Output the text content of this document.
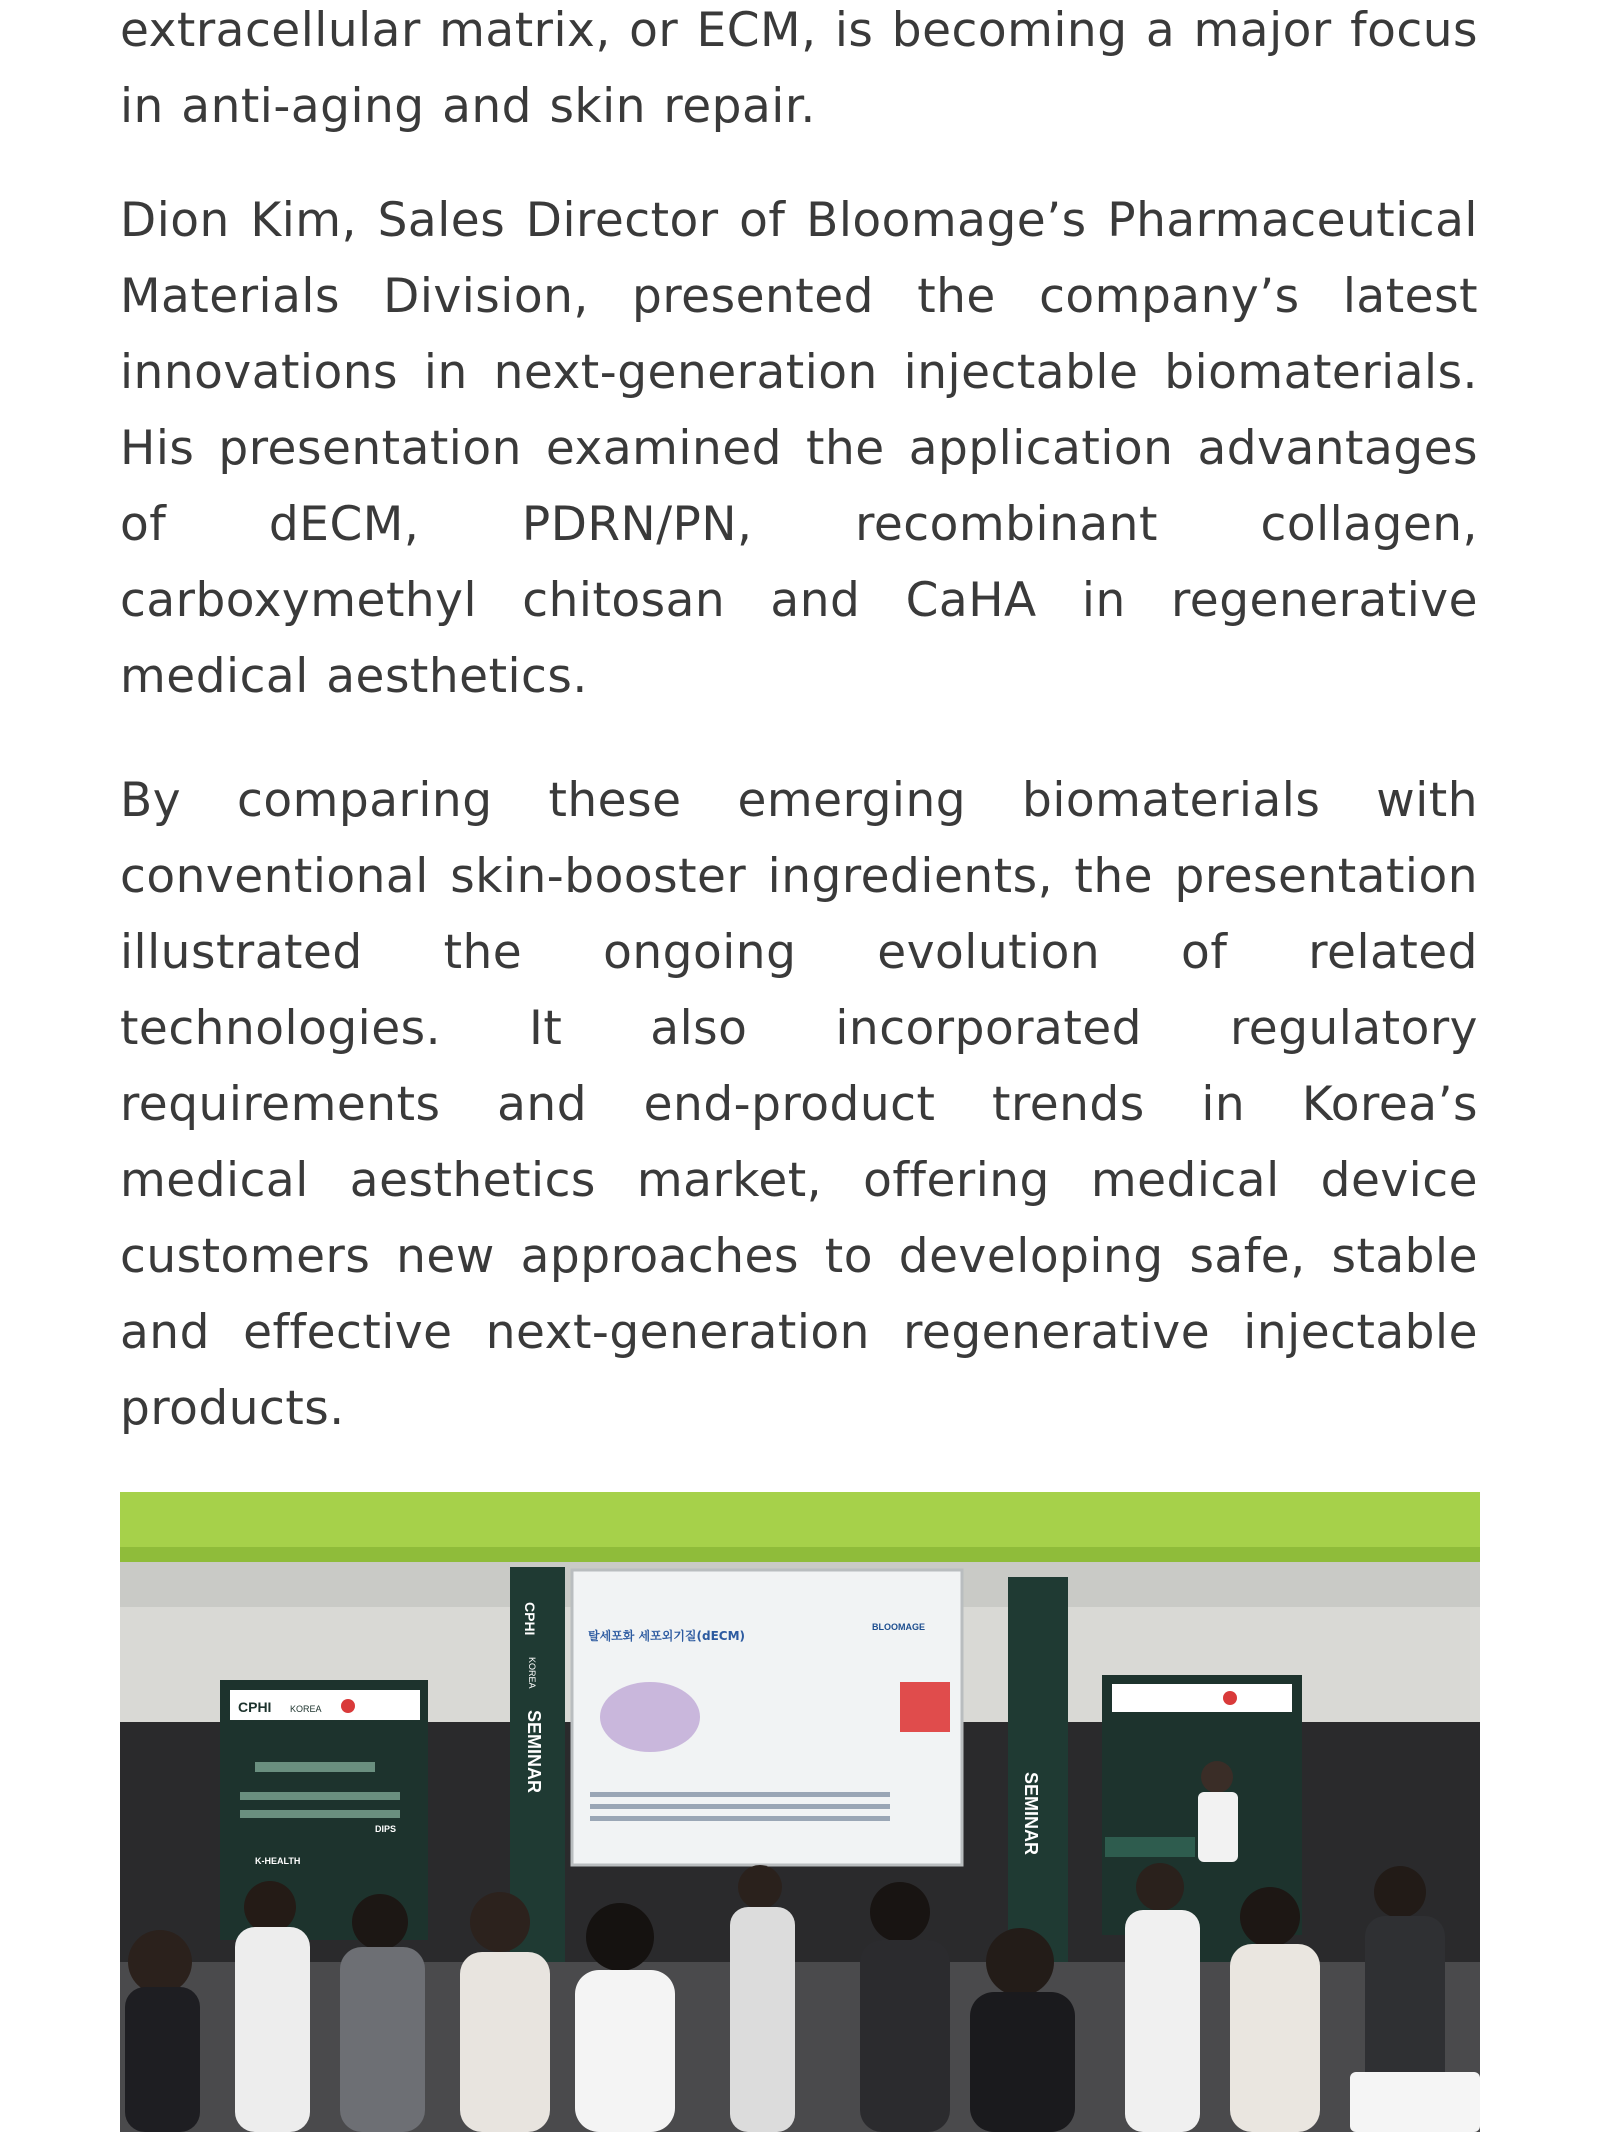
extracellular matrix, or ECM, is becoming a major focus in anti-aging and skin repair.

Dion Kim, Sales Director of Bloomage’s Pharmaceutical Materials Division, presented the company’s latest innovations in next-generation injectable biomaterials. His presentation examined the application advantages of dECM, PDRN/PN, recombinant collagen, carboxymethyl chitosan and CaHA in regenerative medical aesthetics.

By comparing these emerging biomaterials with conventional skin-booster ingredients, the presentation illustrated the ongoing evolution of related technologies. It also incorporated regulatory requirements and end-product trends in Korea’s medical aesthetics market, offering medical device customers new approaches to developing safe, stable and effective next-generation regenerative injectable products.

CPHI KOREA
DIPS
K-HEALTH
CPHI
KOREA
SEMINAR
탈세포화 세포외기질(dECM)
BLOOMAGE
SEMINAR
